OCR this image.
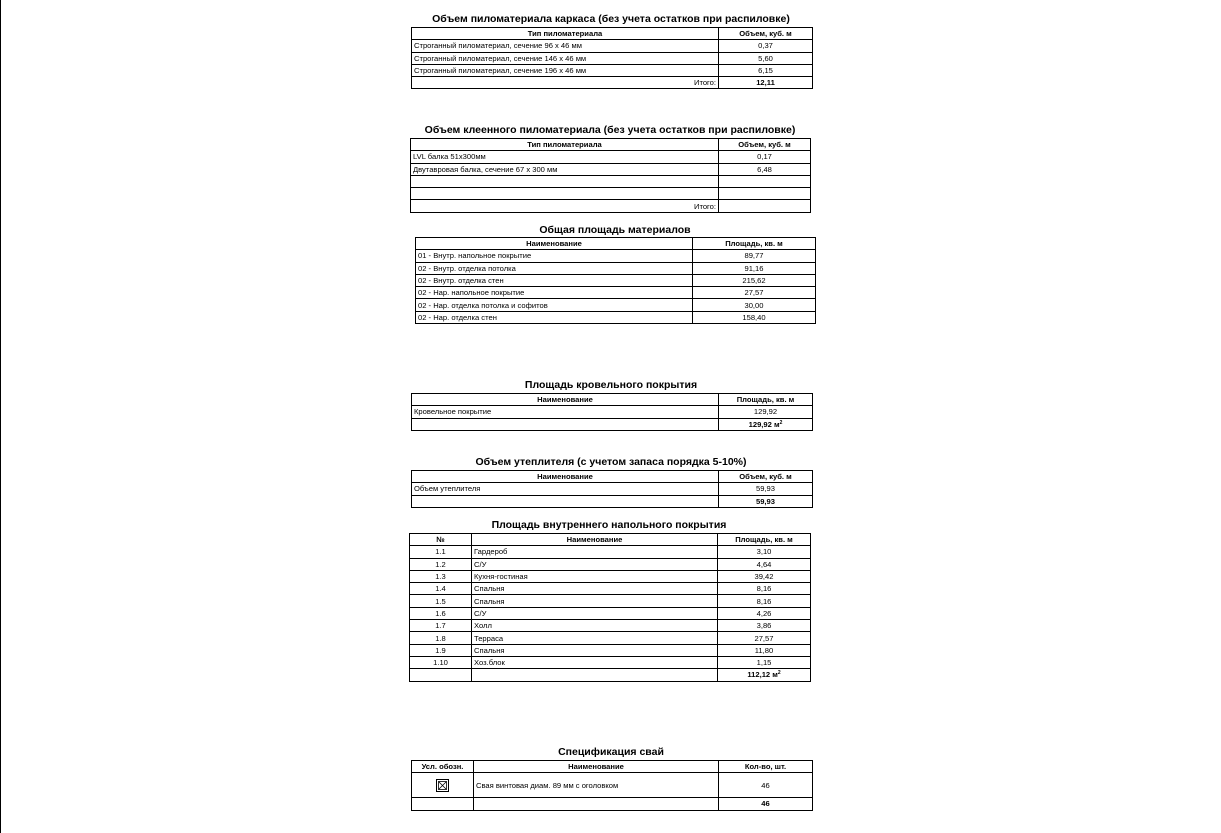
Объем пиломатериала каркаса (без учета остатков при распиловке)
Тип пиломатериала	Объем, куб. м
Строганный пиломатериал, сечение 96 х 46 мм	0,37
Строганный пиломатериал, сечение 146 х 46 мм	5,60
Строганный пиломатериал, сечение 196 х 46 мм	6,15
Итого:	12,11
Объем клеенного пиломатериала (без учета остатков при распиловке)
Тип пиломатериала	Объем, куб. м
LVL балка 51х300мм	0,17
Двутавровая балка, сечение 67 х 300 мм	6,48

Итого:	
Общая площадь материалов
Наименование	Площадь, кв. м
01 - Внутр. напольное покрытие	89,77
02 - Внутр. отделка потолка	91,16
02 - Внутр. отделка стен	215,62
02 - Нар. напольное покрытие	27,57
02 - Нар. отделка потолка и софитов	30,00
02 - Нар. отделка стен	158,40
Площадь кровельного покрытия
Наименование	Площадь, кв. м
Кровельное покрытие	129,92
	129,92 $м^2$
Объем утеплителя (с учетом запаса порядка 5-10%)
Наименование	Объем, куб. м
Объем утеплителя	59,93
	59,93
Площадь внутреннего напольного покрытия
№	Наименование	Площадь, кв. м
1.1	Гардероб	3,10
1.2	С/У	4,64
1.3	Кухня-гостиная	39,42
1.4	Спальня	8,16
1.5	Спальня	8,16
1.6	С/У	4,26
1.7	Холл	3,86
1.8	Терраса	27,57
1.9	Спальня	11,80
1.10	Хоз.блок	1,15
		112,12 $м^2$
Спецификация свай
Усл. обозн.	Наименование	Кол-во, шт.

	Свая винтовая диам. 89 мм с оголовком	46
		46
